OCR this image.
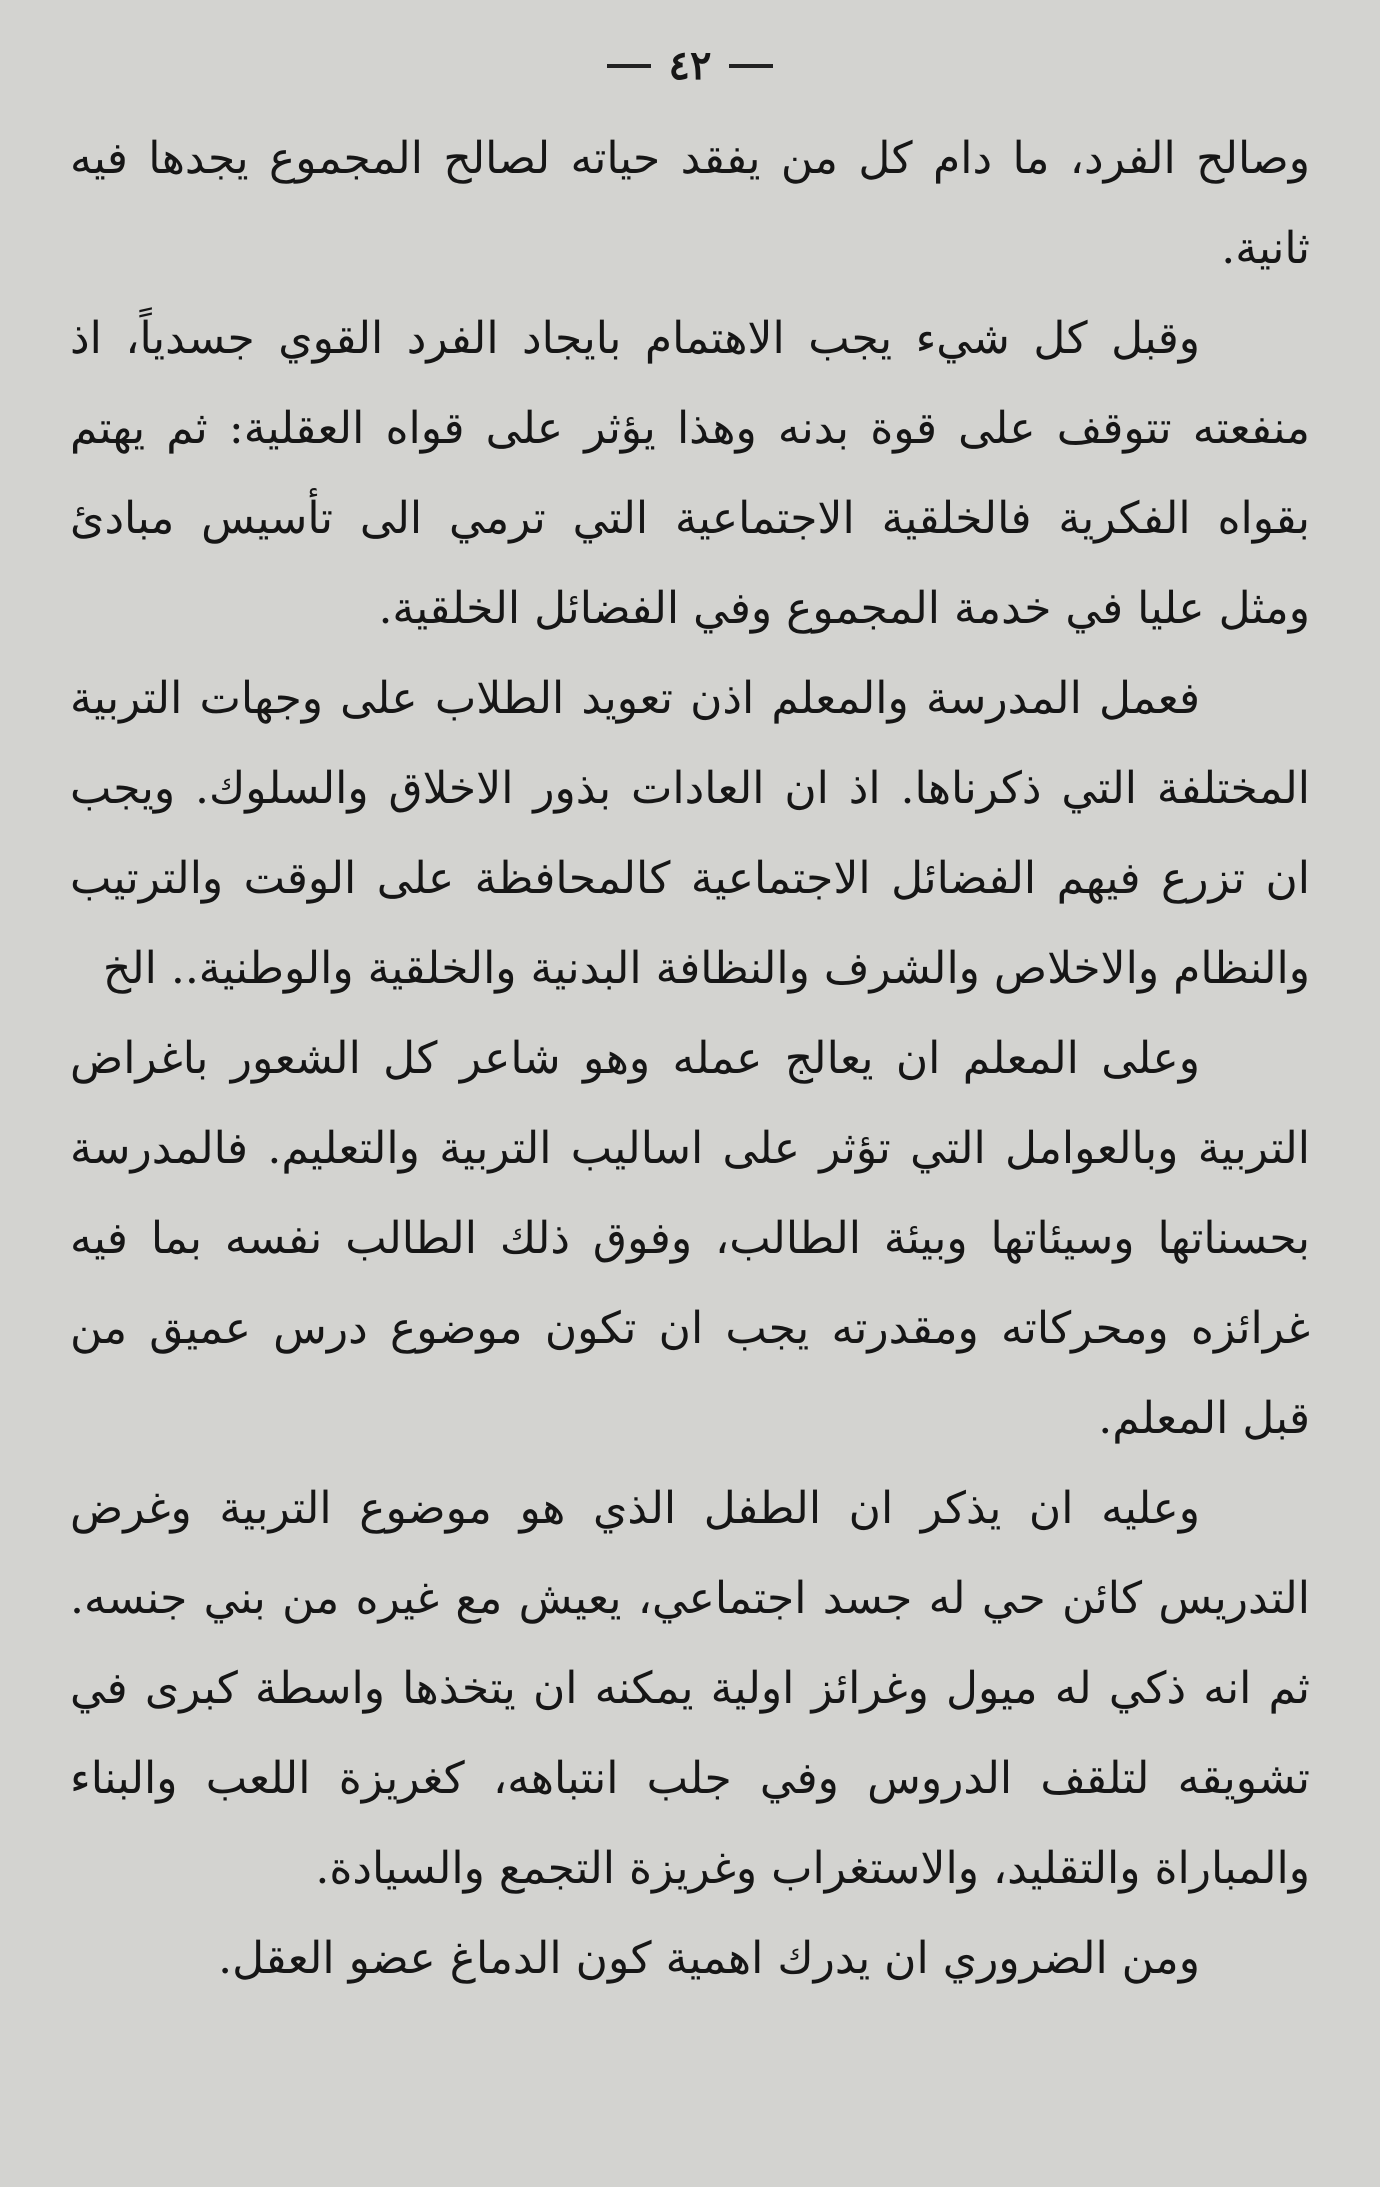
٤٢

وصالح الفرد، ما دام كل من يفقد حياته لصالح المجموع يجدها فيه ثانية.

وقبل كل شيء يجب الاهتمام بايجاد الفرد القوي جسدياً، اذ منفعته تتوقف على قوة بدنه وهذا يؤثر على قواه العقلية: ثم يهتم بقواه الفكرية فالخلقية الاجتماعية التي ترمي الى تأسيس مبادئ ومثل عليا في خدمة المجموع وفي الفضائل الخلقية.

فعمل المدرسة والمعلم اذن تعويد الطلاب على وجهات التربية المختلفة التي ذكرناها. اذ ان العادات بذور الاخلاق والسلوك. ويجب ان تزرع فيهم الفضائل الاجتماعية كالمحافظة على الوقت والترتيب والنظام والاخلاص والشرف والنظافة البدنية والخلقية والوطنية.. الخ

وعلى المعلم ان يعالج عمله وهو شاعر كل الشعور باغراض التربية وبالعوامل التي تؤثر على اساليب التربية والتعليم. فالمدرسة بحسناتها وسيئاتها وبيئة الطالب، وفوق ذلك الطالب نفسه بما فيه غرائزه ومحركاته ومقدرته يجب ان تكون موضوع درس عميق من قبل المعلم.

وعليه ان يذكر ان الطفل الذي هو موضوع التربية وغرض التدريس كائن حي له جسد اجتماعي، يعيش مع غيره من بني جنسه. ثم انه ذكي له ميول وغرائز اولية يمكنه ان يتخذها واسطة كبرى في تشويقه لتلقف الدروس وفي جلب انتباهه، كغريزة اللعب والبناء والمباراة والتقليد، والاستغراب وغريزة التجمع والسيادة.

ومن الضروري ان يدرك اهمية كون الدماغ عضو العقل.
